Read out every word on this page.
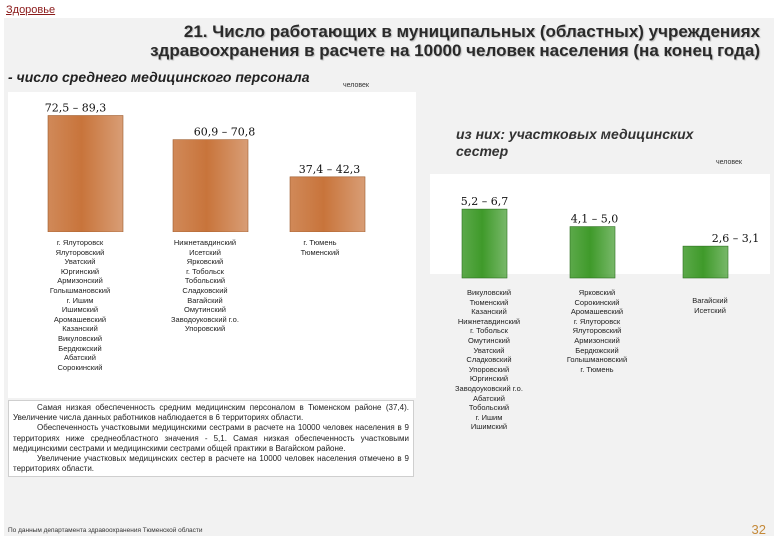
Здоровье
21. Число работающих в муниципальных (областных) учреждениях
здравоохранения в расчете на 10000 человек населения (на конец года)
- число среднего медицинского персонала
человек
из них: участковых медицинских сестер
человек
72,5 – 89,3
60,9 – 70,8
37,4 – 42,3
5,2 – 6,7
4,1 – 5,0
2,6 – 3,1
г. Ялуторовск
Ялуторовский
Уватский
Юргинский
Армизонский
Голышмановский
г. Ишим
Ишимский
Аромашевский
Казанский
Викуловский
Бердюжский
Абатский
Сорокинский
Нижнетавдинский
Исетский
Ярковский
г. Тобольск
Тобольский
Сладковский
Вагайский
Омутинский
Заводоуковский г.о.
Упоровский
г. Тюмень
Тюменский
Викуловский
Тюменский
Казанский
Нижнетавдинский
г. Тобольск
Омутинский
Уватский
Сладковский
Упоровский
Юргинский
Заводоуковский г.о.
Абатский
Тобольский
г. Ишим
Ишимский
Ярковский
Сорокинский
Аромашевский
г. Ялуторовск
Ялуторовский
Армизонский
Бердюжский
Голышмановский
г. Тюмень
Вагайский
Исетский

Самая низкая обеспеченность средним медицинским персоналом в Тюменском районе (37,4). Увеличение числа данных работников наблюдается в 6 территориях области.

Обеспеченность участковыми медицинскими сестрами в расчете на 10000 человек населения в 9 территориях ниже среднеобластного значения - 5,1. Самая низкая обеспеченность участковыми медицинскими сестрами и медицинскими сестрами общей практики в Вагайском районе.

Увеличение участковых медицинских сестер в расчете на 10000 человек населения отмечено в 9 территориях области.

По данным департамента здравоохранения Тюменской области	32
